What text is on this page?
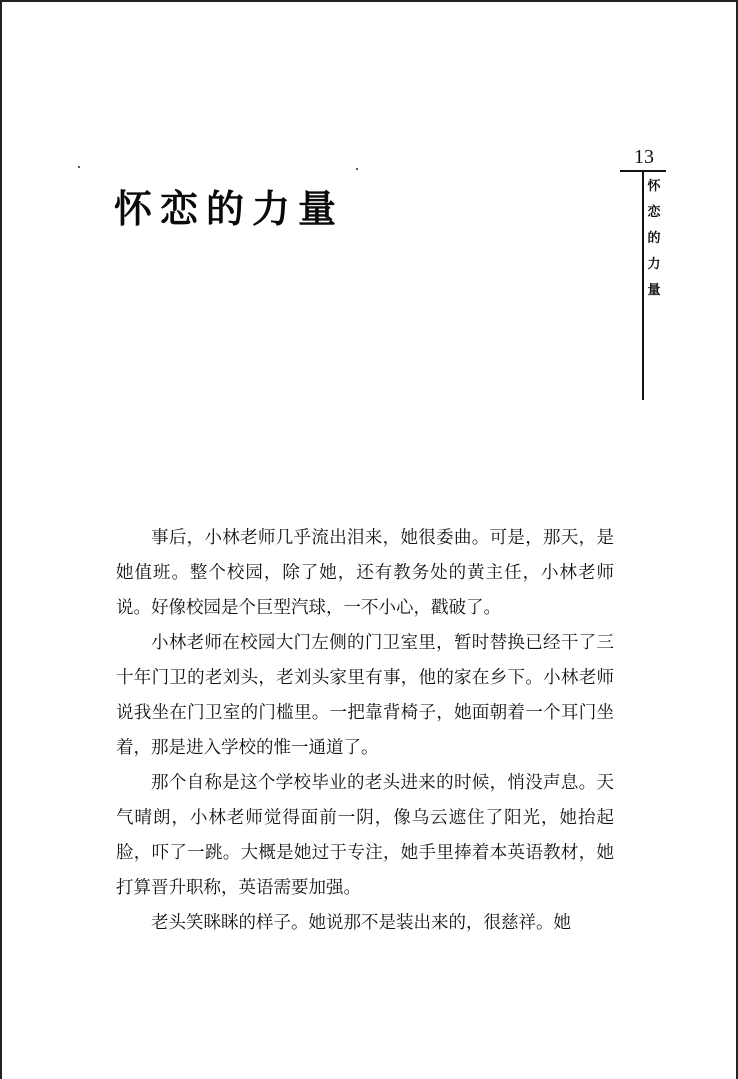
怀恋的力量
13
怀
恋
的
力
量

事后，小林老师几乎流出泪来，她很委曲。可是，那天，是她值班。整个校园，除了她，还有教务处的黄主任，小林老师说。好像校园是个巨型汽球，一不小心，戳破了。

小林老师在校园大门左侧的门卫室里，暂时替换已经干了三十年门卫的老刘头，老刘头家里有事，他的家在乡下。小林老师说我坐在门卫室的门槛里。一把靠背椅子，她面朝着一个耳门坐着，那是进入学校的惟一通道了。

那个自称是这个学校毕业的老头进来的时候，悄没声息。天气晴朗，小林老师觉得面前一阴，像乌云遮住了阳光，她抬起脸，吓了一跳。大概是她过于专注，她手里捧着本英语教材，她打算晋升职称，英语需要加强。

老头笑眯眯的样子。她说那不是装出来的，很慈祥。她
